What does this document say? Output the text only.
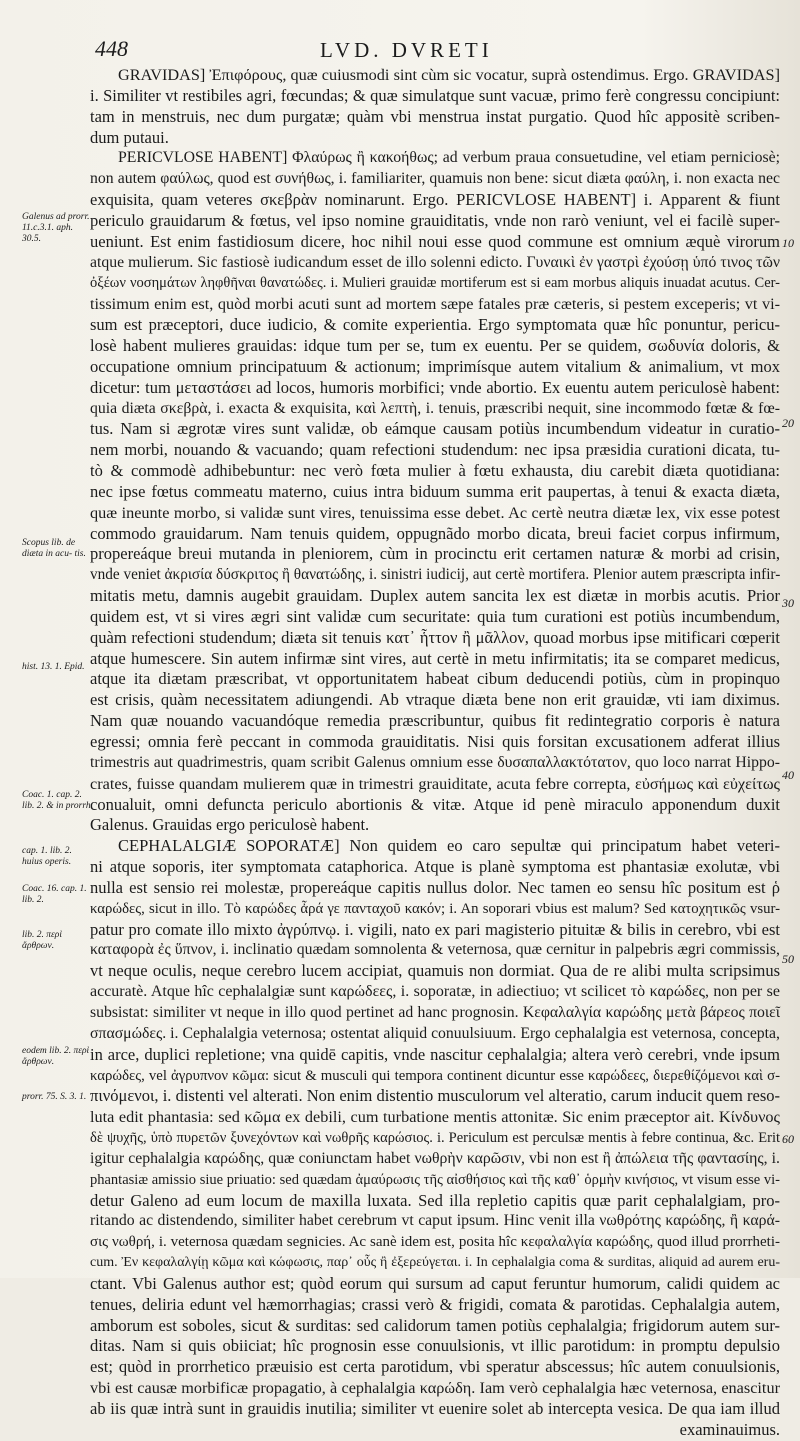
448	LVD. DVRETI
Galenus ad prorr. 11.c.3.1. aph. 30.5.
Scopus lib. de diæta in acu- tis.
hist. 13. 1. Epid.
Coac. 1. cap. 2. lib. 2. & in prorrh.
cap. 1. lib. 2. huius operis.
Coac. 16. cap. 1. lib. 2.
lib. 2. περὶ ἄρθρων.
eodem lib. 2. περὶ ἄρθρων.
prorr. 75. S. 3. 1.
10
20
30
40
50
60
GRAVIDAS] Ἐπιφόρους, quæ cuiusmodi sint cùm sic vocatur, suprà ostendimus. Ergo. GRAVIDAS]
i. Similiter vt restibiles agri, fœcundas; & quæ simulatque sunt vacuæ, primo ferè congressu concipiunt:
tam in menstruis, nec dum purgatæ; quàm vbi menstrua instat purgatio. Quod hîc appositè scriben-
dum putaui.
PERICVLOSE HABENT] Φλαύρως ἢ κακοήθως; ad verbum praua consuetudine, vel etiam perniciosè;
non autem φαύλως, quod est συνήθως, i. familiariter, quamuis non bene: sicut diæta φαύλη, i. non exacta nec
exquisita, quam veteres σκεβρὰν nominarunt. Ergo. PERICVLOSE HABENT] i. Apparent & fiunt
periculo grauidarum & fœtus, vel ipso nomine grauiditatis, vnde non rarò veniunt, vel ei facilè super-
ueniunt. Est enim fastidiosum dicere, hoc nihil noui esse quod commune est omnium æquè virorum
atque mulierum. Sic fastiosè iudicandum esset de illo solenni edicto. Γυναικὶ ἐν γαστρὶ ἐχούσῃ ὑπό τινος τῶν
ὀξέων νοσημάτων ληφθῆναι θανατώδες. i. Mulieri grauidæ mortiferum est si eam morbus aliquis inuadat acutus. Cer-
tissimum enim est, quòd morbi acuti sunt ad mortem sæpe fatales præ cæteris, si pestem exceperis; vt vi-
sum est præceptori, duce iudicio, & comite experientia. Ergo symptomata quæ hîc ponuntur, pericu-
losè habent mulieres grauidas: idque tum per se, tum ex euentu. Per se quidem, σωδυνία doloris, &
occupatione omnium principatuum & actionum; imprimísque autem vitalium & animalium, vt mox
dicetur: tum μεταστάσει ad locos, humoris morbifici; vnde abortio. Ex euentu autem periculosè habent:
quia diæta σκεβρὰ, i. exacta & exquisita, καὶ λεπτὴ, i. tenuis, præscribi nequit, sine incommodo fœtæ & fœ-
tus. Nam si ægrotæ vires sunt validæ, ob eámque causam potiùs incumbendum videatur in curatio-
nem morbi, nouando & vacuando; quam refectioni studendum: nec ipsa præsidia curationi dicata, tu-
tò & commodè adhibebuntur: nec verò fœta mulier à fœtu exhausta, diu carebit diæta quotidiana:
nec ipse fœtus commeatu materno, cuius intra biduum summa erit paupertas, à tenui & exacta diæta,
quæ ineunte morbo, si validæ sunt vires, tenuissima esse debet. Ac certè neutra diætæ lex, vix esse potest
commodo grauidarum. Nam tenuis quidem, oppugnãdo morbo dicata, breui faciet corpus infirmum,
propereáque breui mutanda in pleniorem, cùm in procinctu erit certamen naturæ & morbi ad crisin,
vnde veniet ἀκρισία δύσκριτος ἢ θανατώδης, i. sinistri iudicij, aut certè mortifera. Plenior autem præscripta infir-
mitatis metu, damnis augebit grauidam. Duplex autem sancita lex est diætæ in morbis acutis. Prior
quidem est, vt si vires ægri sint validæ cum securitate: quia tum curationi est potiùs incumbendum,
quàm refectioni studendum; diæta sit tenuis κατ᾽ ἧττον ἢ μᾶλλον, quoad morbus ipse mitificari cœperit
atque humescere. Sin autem infirmæ sint vires, aut certè in metu infirmitatis; ita se comparet medicus,
atque ita diætam præscribat, vt opportunitatem habeat cibum deducendi potiùs, cùm in propinquo
est crisis, quàm necessitatem adiungendi. Ab vtraque diæta bene non erit grauidæ, vti iam diximus.
Nam quæ nouando vacuandóque remedia præscribuntur, quibus fit redintegratio corporis è natura
egressi; omnia ferè peccant in commoda grauiditatis. Nisi quis forsitan excusationem adferat illius
trimestris aut quadrimestris, quam scribit Galenus omnium esse δυσαπαλλακτότατον, quo loco narrat Hippo-
crates, fuisse quandam mulierem quæ in trimestri grauiditate, acuta febre correpta, εὐσήμως καὶ εὐχείτως
conualuit, omni defuncta periculo abortionis & vitæ. Atque id penè miraculo apponendum duxit
Galenus. Grauidas ergo periculosè habent.
CEPHALALGIÆ SOPORATÆ] Non quidem eo caro sepultæ qui principatum habet veteri-
ni atque soporis, iter symptomata cataphorica. Atque is planè symptoma est phantasiæ exolutæ, vbi
nulla est sensio rei molestæ, propereáque capitis nullus dolor. Nec tamen eo sensu hîc positum est ῥ
καρώδες, sicut in illo. Τὸ καρώδες ἆρά γε πανταχοῦ κακόν; i. An soporari vbius est malum? Sed κατοχητικῶς vsur-
patur pro comate illo mixto ἀγρύπνῳ. i. vigili, nato ex pari magisterio pituitæ & bilis in cerebro, vbi est
καταφορὰ ἐς ὕπνον, i. inclinatio quædam somnolenta & veternosa, quæ cernitur in palpebris ægri commissis,
vt neque oculis, neque cerebro lucem accipiat, quamuis non dormiat. Qua de re alibi multa scripsimus
accuratè. Atque hîc cephalalgiæ sunt καρώδεες, i. soporatæ, in adiectiuo; vt scilicet τὸ καρώδες, non per se
subsistat: similiter vt neque in illo quod pertinet ad hanc prognosin. Κεφαλαλγία καρώδης μετὰ βάρεος ποιεῖ
σπασμώδες. i. Cephalalgia veternosa; ostentat aliquid conuulsiuum. Ergo cephalalgia est veternosa, concepta,
in arce, duplici repletione; vna quidē capitis, vnde nascitur cephalalgia; altera verò cerebri, vnde ipsum
καρώδες, vel ἀγρυπνον κῶμα: sicut & musculi qui tempora continent dicuntur esse καρώδεες, διερεθίζόμενοι καὶ σ-
πινόμενοι, i. distenti vel alterati. Non enim distentio musculorum vel alteratio, carum inducit quem reso-
luta edit phantasia: sed κῶμα ex debili, cum turbatione mentis attonitæ. Sic enim præceptor ait. Κίνδυνος
δὲ ψυχῆς, ὑπὸ πυρετῶν ξυνεχόντων καὶ νωθρῆς καρώσιος. i. Periculum est perculsæ mentis à febre continua, &c. Erit
igitur cephalalgia καρώδης, quæ coniunctam habet νωθρὴν καρῶσιν, vbi non est ἢ ἀπώλεια τῆς φαντασίης, i.
phantasiæ amissio siue priuatio: sed quædam ἀμαύρωσις τῆς αἰσθήσιος καὶ τῆς καθ᾽ ὁρμὴν κινήσιος, vt visum esse vi-
detur Galeno ad eum locum de maxilla luxata. Sed illa repletio capitis quæ parit cephalalgiam, pro-
ritando ac distendendo, similiter habet cerebrum vt caput ipsum. Hinc venit illa νωθρότης καρώδης, ἢ καρά-
σις νωθρή, i. veternosa quædam segnicies. Ac sanè idem est, posita hîc κεφαλαλγία καρώδης, quod illud prorrheti-
cum. Ἐν κεφαλαλγίῃ κῶμα καὶ κώφωσις, παρ᾽ οὖς ἢ ἐξερεύγεται. i. In cephalalgia coma & surditas, aliquid ad aurem eru-
ctant. Vbi Galenus author est; quòd eorum qui sursum ad caput feruntur humorum, calidi quidem ac
tenues, deliria edunt vel hæmorrhagias; crassi verò & frigidi, comata & parotidas. Cephalalgia autem,
amborum est soboles, sicut & surditas: sed calidorum tamen potiùs cephalalgia; frigidorum autem sur-
ditas. Nam si quis obiiciat; hîc prognosin esse conuulsionis, vt illic parotidum: in promptu depulsio
est; quòd in prorrhetico præuisio est certa parotidum, vbi speratur abscessus; hîc autem conuulsionis,
vbi est causæ morbificæ propagatio, à cephalalgia καρώδη. Iam verò cephalalgia hæc veternosa, enascitur
ab iis quæ intrà sunt in grauidis inutilia; similiter vt euenire solet ab intercepta vesica. De qua iam illud
examinauimus.
